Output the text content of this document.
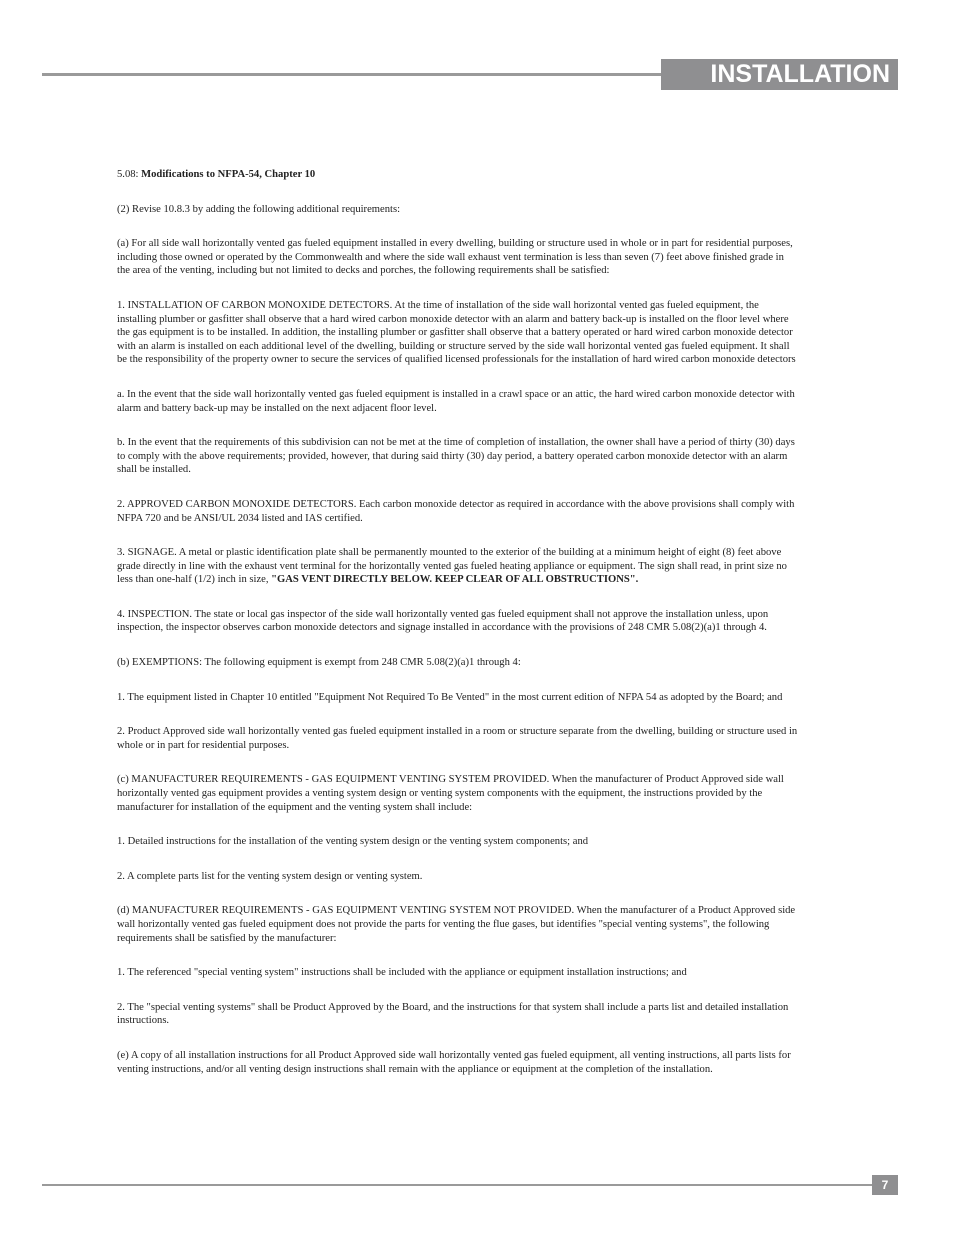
INSTALLATION

5.08: Modifications to NFPA-54, Chapter 10

(2) Revise 10.8.3 by adding the following additional requirements:

(a) For all side wall horizontally vented gas fueled equipment installed in every dwelling, building or structure used in whole or in part for residential purposes, including those owned or operated by the Commonwealth and where the side wall exhaust vent termination is less than seven (7) feet above finished grade in the area of the venting, including but not limited to decks and porches, the following requirements shall be satisfied:

1. INSTALLATION OF CARBON MONOXIDE DETECTORS. At the time of installation of the side wall horizontal vented gas fueled equipment, the installing plumber or gasfitter shall observe that a hard wired carbon monoxide detector with an alarm and battery back-up is installed on the floor level where the gas equipment is to be installed. In addition, the installing plumber or gasfitter shall observe that a battery operated or hard wired carbon monoxide detector with an alarm is installed on each additional level of the dwelling, building or structure served by the side wall horizontal vented gas fueled equipment. It shall be the responsibility of the property owner to secure the services of qualified licensed professionals for the installation of hard wired carbon monoxide detectors

a. In the event that the side wall horizontally vented gas fueled equipment is installed in a crawl space or an attic, the hard wired carbon monoxide detector with alarm and battery back-up may be installed on the next adjacent floor level.

b. In the event that the requirements of this subdivision can not be met at the time of completion of installation, the owner shall have a period of thirty (30) days to comply with the above requirements; provided, however, that during said thirty (30) day period, a battery operated carbon monoxide detector with an alarm shall be installed.

2. APPROVED CARBON MONOXIDE DETECTORS. Each carbon monoxide detector as required in accordance with the above provisions shall comply with NFPA 720 and be ANSI/UL 2034 listed and IAS certified.

3. SIGNAGE. A metal or plastic identification plate shall be permanently mounted to the exterior of the building at a minimum height of eight (8) feet above grade directly in line with the exhaust vent terminal for the horizontally vented gas fueled heating appliance or equipment. The sign shall read, in print size no less than one-half (1/2) inch in size, "GAS VENT DIRECTLY BELOW. KEEP CLEAR OF ALL OBSTRUCTIONS".

4. INSPECTION. The state or local gas inspector of the side wall horizontally vented gas fueled equipment shall not approve the installation unless, upon inspection, the inspector observes carbon monoxide detectors and signage installed in accordance with the provisions of 248 CMR 5.08(2)(a)1 through 4.

(b) EXEMPTIONS: The following equipment is exempt from 248 CMR 5.08(2)(a)1 through 4:

1. The equipment listed in Chapter 10 entitled "Equipment Not Required To Be Vented" in the most current edition of NFPA 54 as adopted by the Board; and

2. Product Approved side wall horizontally vented gas fueled equipment installed in a room or structure separate from the dwelling, building or structure used in whole or in part for residential purposes.

(c) MANUFACTURER REQUIREMENTS - GAS EQUIPMENT VENTING SYSTEM PROVIDED. When the manufacturer of Product Approved side wall horizontally vented gas equipment provides a venting system design or venting system components with the equipment, the instructions provided by the manufacturer for installation of the equipment and the venting system shall include:

1. Detailed instructions for the installation of the venting system design or the venting system components; and

2. A complete parts list for the venting system design or venting system.

(d) MANUFACTURER REQUIREMENTS - GAS EQUIPMENT VENTING SYSTEM NOT PROVIDED. When the manufacturer of a Product Approved side wall horizontally vented gas fueled equipment does not provide the parts for venting the flue gases, but identifies "special venting systems", the following requirements shall be satisfied by the manufacturer:

1. The referenced "special venting system" instructions shall be included with the appliance or equipment installation instructions; and

2. The "special venting systems" shall be Product Approved by the Board, and the instructions for that system shall include a parts list and detailed installation instructions.

(e) A copy of all installation instructions for all Product Approved side wall horizontally vented gas fueled equipment, all venting instructions, all parts lists for venting instructions, and/or all venting design instructions shall remain with the appliance or equipment at the completion of the installation.

7
